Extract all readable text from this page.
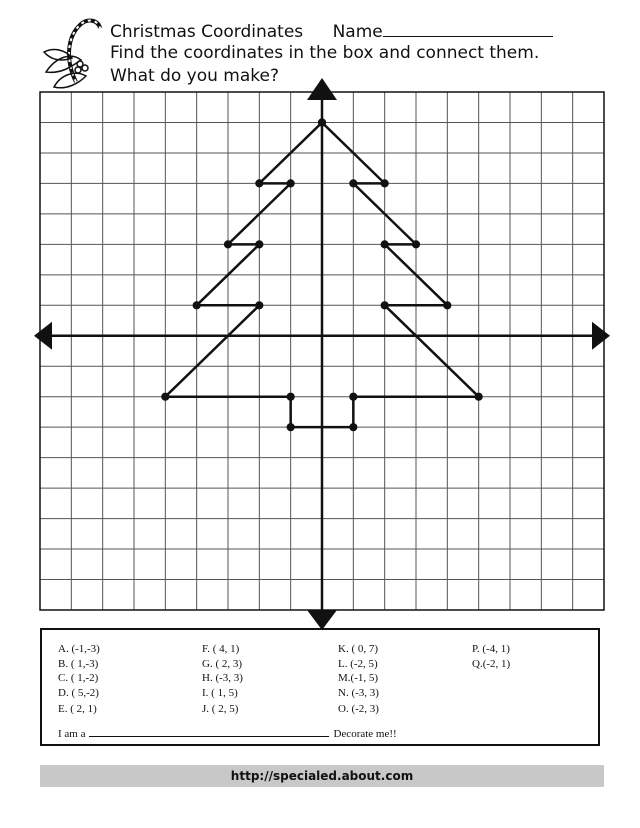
Christmas Coordinates Name
Find the coordinates in the box and connect them.
What do you make?
A. (-1,-3)
B. ( 1,-3)
C. ( 1,-2)
D. ( 5,-2)
E. ( 2, 1)
F. ( 4, 1)
G. ( 2, 3)
H. (-3, 3)
I. ( 1, 5)
J. ( 2, 5)
K. ( 0, 7)
L. (-2, 5)
M.(-1, 5)
N. (-3, 3)
O. (-2, 3)
P. (-4, 1)
Q.(-2, 1)
I am a	Decorate me!!
http://specialed.about.com
